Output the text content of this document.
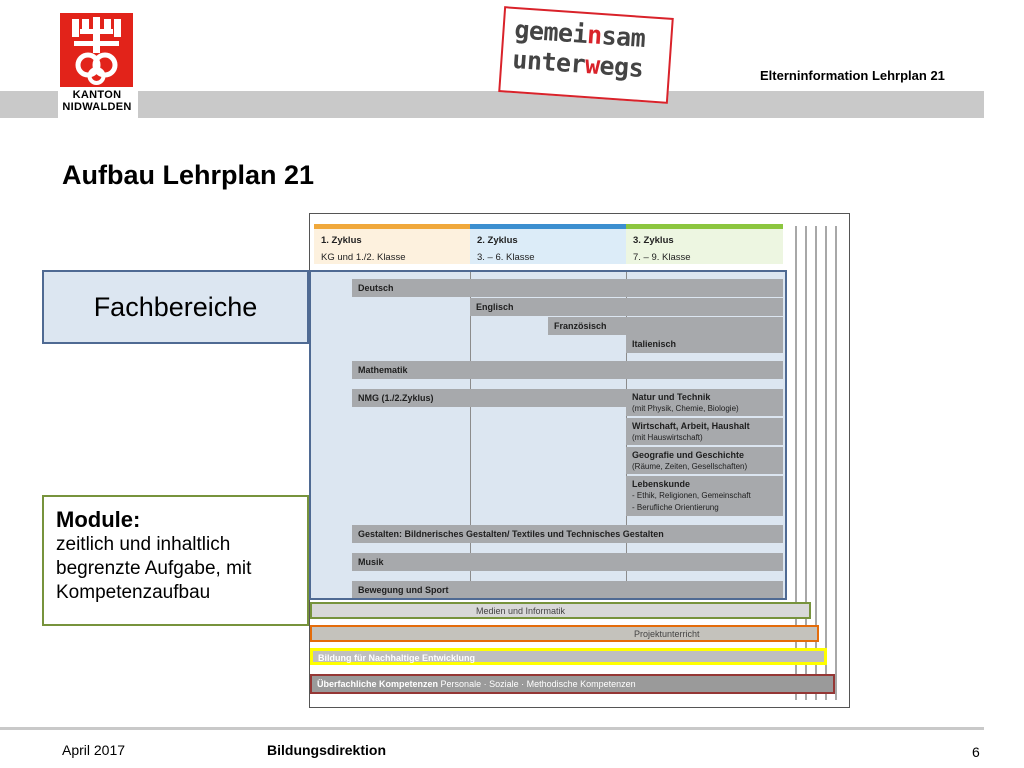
KANTON
NIDWALDEN
gemeinsam
unterwegs	Elterninformation Lehrplan 21
Aufbau Lehrplan 21
1. Zyklus
KG und 1./2. Klasse
2. Zyklus
3. – 6. Klasse
3. Zyklus
7. – 9. Klasse
Deutsch
Englisch
Französisch
Italienisch
Mathematik
NMG (1./2.Zyklus)	Natur und Technik
(mit Physik, Chemie, Biologie)
Wirtschaft, Arbeit, Haushalt
(mit Hauswirtschaft)
Geografie und Geschichte
(Räume, Zeiten, Gesellschaften)
Lebenskunde
- Ethik, Religionen, Gemeinschaft
- Berufliche Orientierung
Gestalten: Bildnerisches Gestalten/ Textiles und Technisches Gestalten
Musik
Bewegung und Sport
Medien und Informatik
Projektunterricht
Bildung für Nachhaltige Entwicklung
Überfachliche Kompetenzen Personale · Soziale · Methodische Kompetenzen
Fachbereiche
Module:
zeitlich und inhaltlich
begrenzte Aufgabe, mit
Kompetenzaufbau
April 2017	Bildungsdirektion	6
